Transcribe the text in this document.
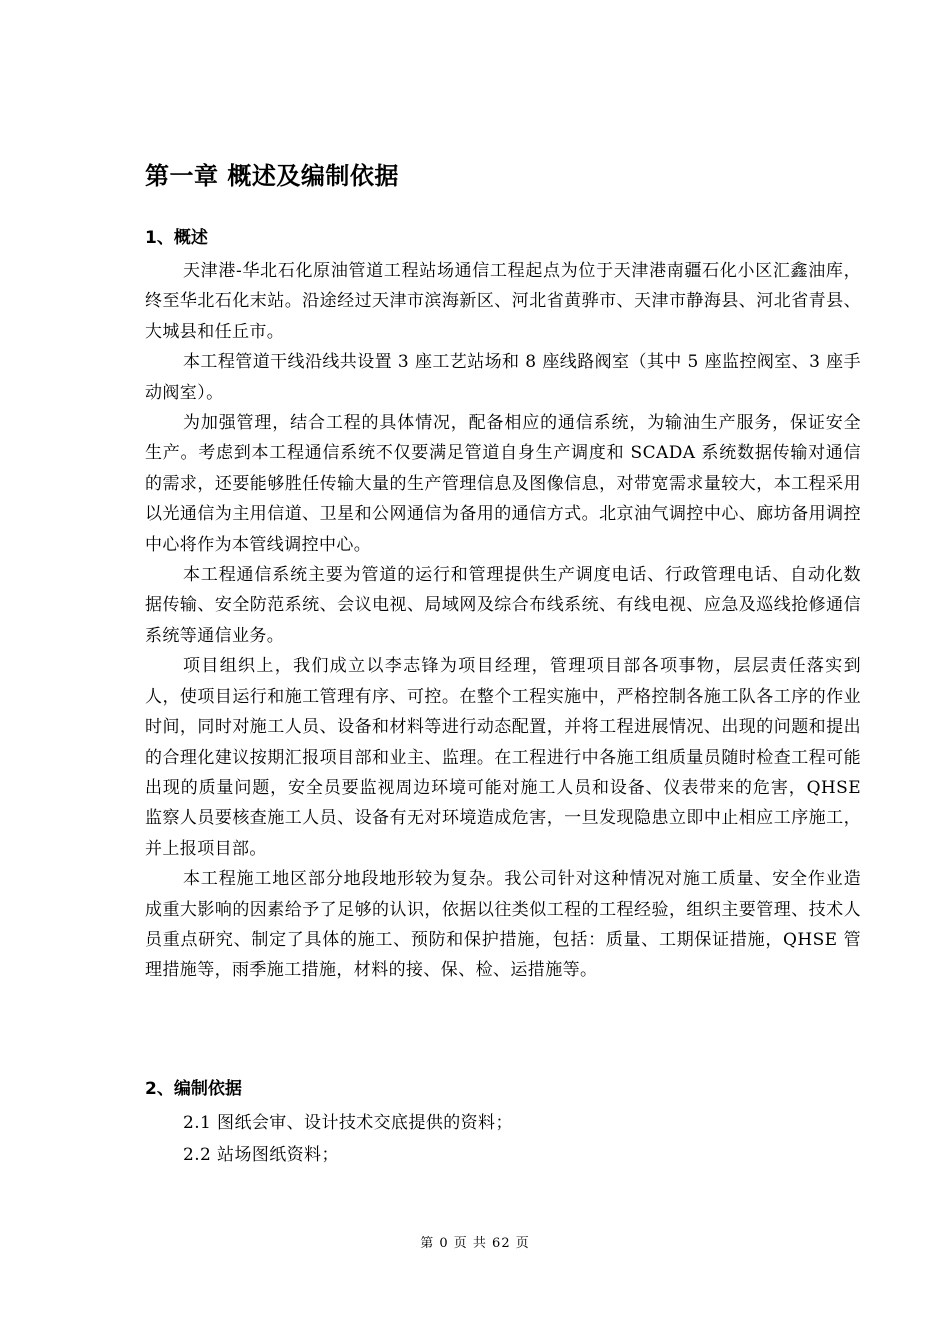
第一章 概述及编制依据
1、概述

天津港-华北石化原油管道工程站场通信工程起点为位于天津港南疆石化小区汇鑫油库，终至华北石化末站。沿途经过天津市滨海新区、河北省黄骅市、天津市静海县、河北省青县、大城县和任丘市。

本工程管道干线沿线共设置 3 座工艺站场和 8 座线路阀室（其中 5 座监控阀室、3 座手动阀室）。

为加强管理，结合工程的具体情况，配备相应的通信系统，为输油生产服务，保证安全生产。考虑到本工程通信系统不仅要满足管道自身生产调度和 SCADA 系统数据传输对通信的需求，还要能够胜任传输大量的生产管理信息及图像信息，对带宽需求量较大，本工程采用以光通信为主用信道、卫星和公网通信为备用的通信方式。北京油气调控中心、廊坊备用调控中心将作为本管线调控中心。

本工程通信系统主要为管道的运行和管理提供生产调度电话、行政管理电话、自动化数据传输、安全防范系统、会议电视、局域网及综合布线系统、有线电视、应急及巡线抢修通信系统等通信业务。

项目组织上，我们成立以李志锋为项目经理，管理项目部各项事物，层层责任落实到人，使项目运行和施工管理有序、可控。在整个工程实施中，严格控制各施工队各工序的作业时间，同时对施工人员、设备和材料等进行动态配置，并将工程进展情况、出现的问题和提出的合理化建议按期汇报项目部和业主、监理。在工程进行中各施工组质量员随时检查工程可能出现的质量问题，安全员要监视周边环境可能对施工人员和设备、仪表带来的危害，QHSE 监察人员要核查施工人员、设备有无对环境造成危害，一旦发现隐患立即中止相应工序施工，并上报项目部。

本工程施工地区部分地段地形较为复杂。我公司针对这种情况对施工质量、安全作业造成重大影响的因素给予了足够的认识，依据以往类似工程的工程经验，组织主要管理、技术人员重点研究、制定了具体的施工、预防和保护措施，包括：质量、工期保证措施，QHSE 管理措施等，雨季施工措施，材料的接、保、检、运措施等。

2、编制依据

2.1 图纸会审、设计技术交底提供的资料；

2.2 站场图纸资料；

第 0 页 共 62 页
